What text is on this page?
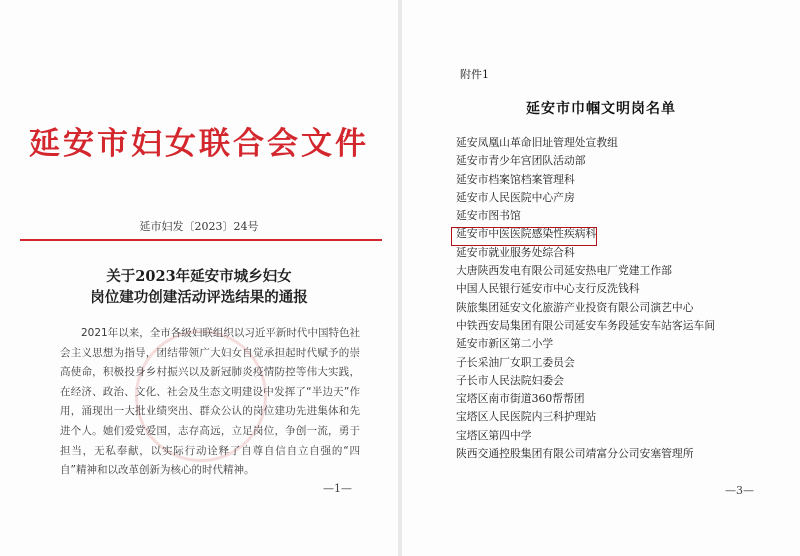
延安市妇女联合会文件
延市妇发〔2023〕24号
关于2023年延安市城乡妇女
岗位建功创建活动评选结果的通报
2021年以来，全市各级妇联组织以习近平新时代中国特色社会主义思想为指导，团结带领广大妇女自觉承担起时代赋予的崇高使命，积极投身乡村振兴以及新冠肺炎疫情防控等伟大实践，在经济、政治、文化、社会及生态文明建设中发挥了“半边天”作用，涌现出一大批业绩突出、群众公认的岗位建功先进集体和先进个人。她们爱党爱国，志存高远，立足岗位，争创一流，勇于担当，无私奉献，以实际行动诠释了自尊自信自立自强的“四自”精神和以改革创新为核心的时代精神。
—1—
附件1
延安市巾帼文明岗名单
延安凤凰山革命旧址管理处宣教组
延安市青少年宫团队活动部
延安市档案馆档案管理科
延安市人民医院中心产房
延安市图书馆
延安市中医医院感染性疾病科
延安市就业服务处综合科
大唐陕西发电有限公司延安热电厂党建工作部
中国人民银行延安市中心支行反洗钱科
陕旅集团延安文化旅游产业投资有限公司演艺中心
中铁西安局集团有限公司延安车务段延安车站客运车间
延安市新区第二小学
子长采油厂女职工委员会
子长市人民法院妇委会
宝塔区南市街道360帮帮团
宝塔区人民医院内三科护理站
宝塔区第四中学
陕西交通控股集团有限公司靖富分公司安塞管理所
—3—
